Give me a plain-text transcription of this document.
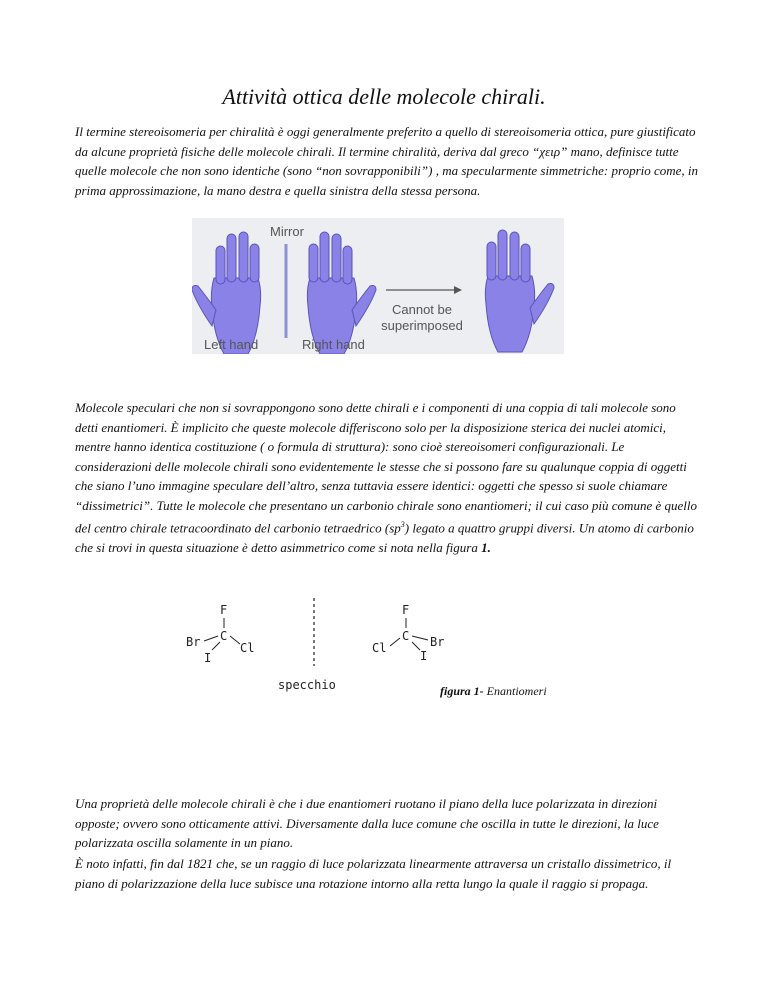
Attività ottica delle molecole chirali.

Il termine stereoisomeria per chiralità è oggi generalmente preferito a quello di stereoisomeria ottica, pure giustificato da alcune proprietà fisiche delle molecole chirali. Il termine chiralità, deriva dal greco “χειρ” mano, definisce tutte quelle molecole che non sono identiche (sono “non sovrapponibili”) , ma specularmente simmetriche: proprio come, in prima approssimazione, la mano destra e quella sinistra della stessa persona.

Mirror
Cannot be
superimposed
Left hand	Right hand

Molecole speculari che non si sovrappongono sono dette chirali e i componenti di una coppia di tali molecole sono detti enantiomeri. È implicito che queste molecole differiscono solo per la disposizione sterica dei nuclei atomici, mentre hanno identica costituzione ( o formula di struttura): sono cioè stereoisomeri configurazionali. Le considerazioni delle molecole chirali sono evidentemente le stesse che si possono fare su qualunque coppia di oggetti che siano l’uno immagine speculare dell’altro, senza tuttavia essere identici: oggetti che spesso si suole chiamare “dissimetrici”. Tutte le molecole che presentano un carbonio chirale sono enantiomeri; il cui caso più comune è quello del centro chirale tetracoordinato del carbonio tetraedrico $(sp^3)$ legato a quattro gruppi diversi. Un atomo di carbonio che si trovi in questa situazione è detto asimmetrico come si nota nella figura 1.

F
C
Br	Cl
I
specchio
F
C
Cl	Br
I
figura 1- Enantiomeri

Una proprietà delle molecole chirali è che i due enantiomeri ruotano il piano della luce polarizzata in direzioni opposte; ovvero sono otticamente attivi. Diversamente dalla luce comune che oscilla in tutte le direzioni, la luce polarizzata oscilla solamente in un piano.

È noto infatti, fin dal 1821 che, se un raggio di luce polarizzata linearmente attraversa un cristallo dissimetrico, il piano di polarizzazione della luce subisce una rotazione intorno alla retta lungo la quale il raggio si propaga.
